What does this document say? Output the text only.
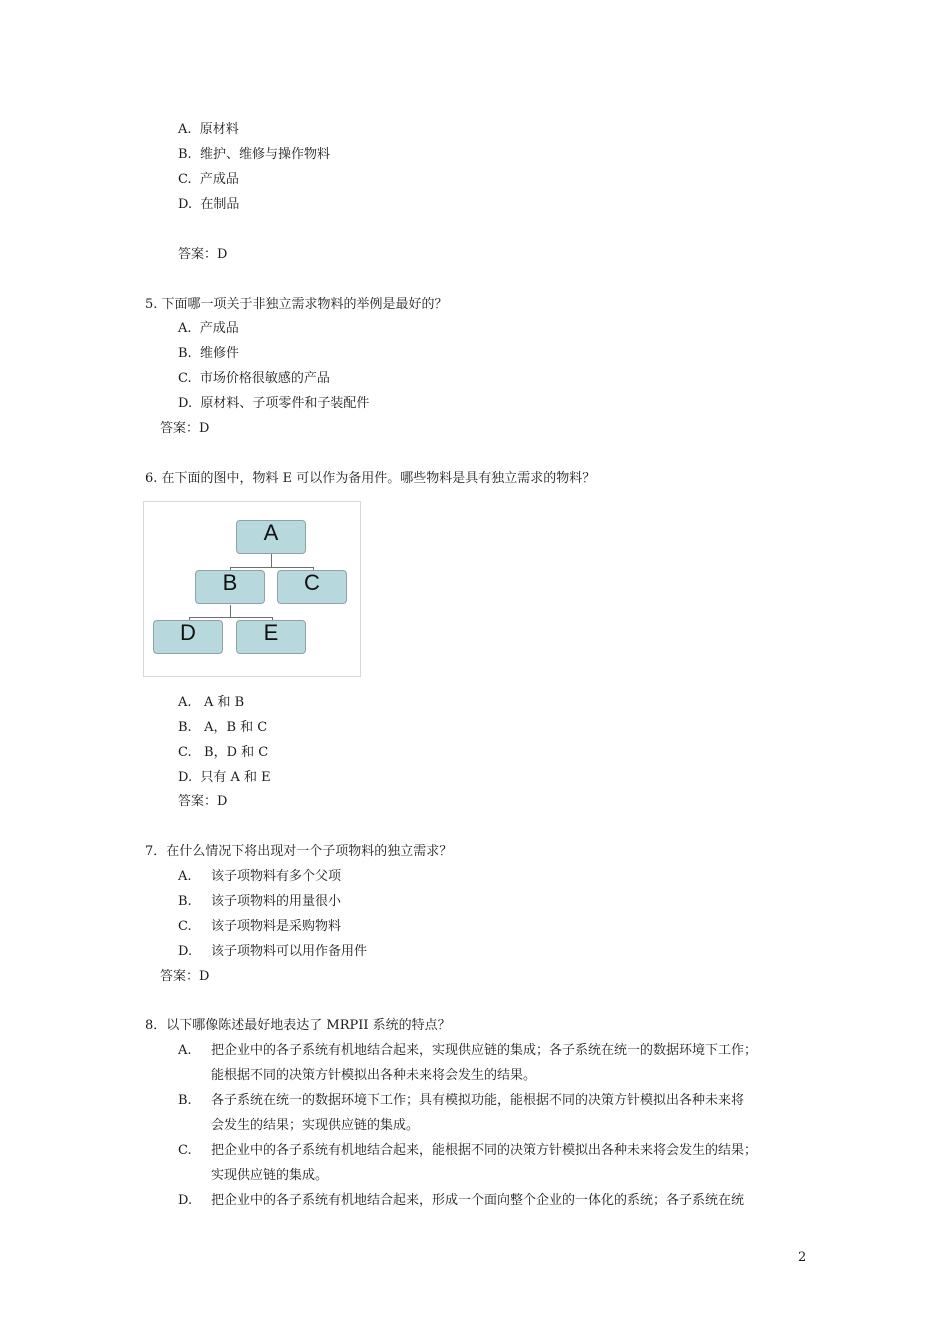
A. 原材料
B. 维护、维修与操作物料
C. 产成品
D. 在制品
答案：D
5. 下面哪一项关于非独立需求物料的举例是最好的？
A. 产成品
B. 维修件
C. 市场价格很敏感的产品
D. 原材料、子项零件和子装配件
答案：D
6. 在下面的图中，物料 E 可以作为备用件。哪些物料是具有独立需求的物料？
A
B	C
D	E
A. A 和 B
B. A，B 和 C
C. B，D 和 C
D. 只有 A 和 E
答案：D
7．在什么情况下将出现对一个子项物料的独立需求？
A. 该子项物料有多个父项
B. 该子项物料的用量很小
C. 该子项物料是采购物料
D. 该子项物料可以用作备用件
答案：D
8．以下哪像陈述最好地表达了 MRPII 系统的特点？
A. 把企业中的各子系统有机地结合起来，实现供应链的集成；各子系统在统一的数据环境下工作；
能根据不同的决策方针模拟出各种未来将会发生的结果。
B. 各子系统在统一的数据环境下工作；具有模拟功能，能根据不同的决策方针模拟出各种未来将
会发生的结果；实现供应链的集成。
C. 把企业中的各子系统有机地结合起来，能根据不同的决策方针模拟出各种未来将会发生的结果；
实现供应链的集成。
D. 把企业中的各子系统有机地结合起来，形成一个面向整个企业的一体化的系统；各子系统在统
2
